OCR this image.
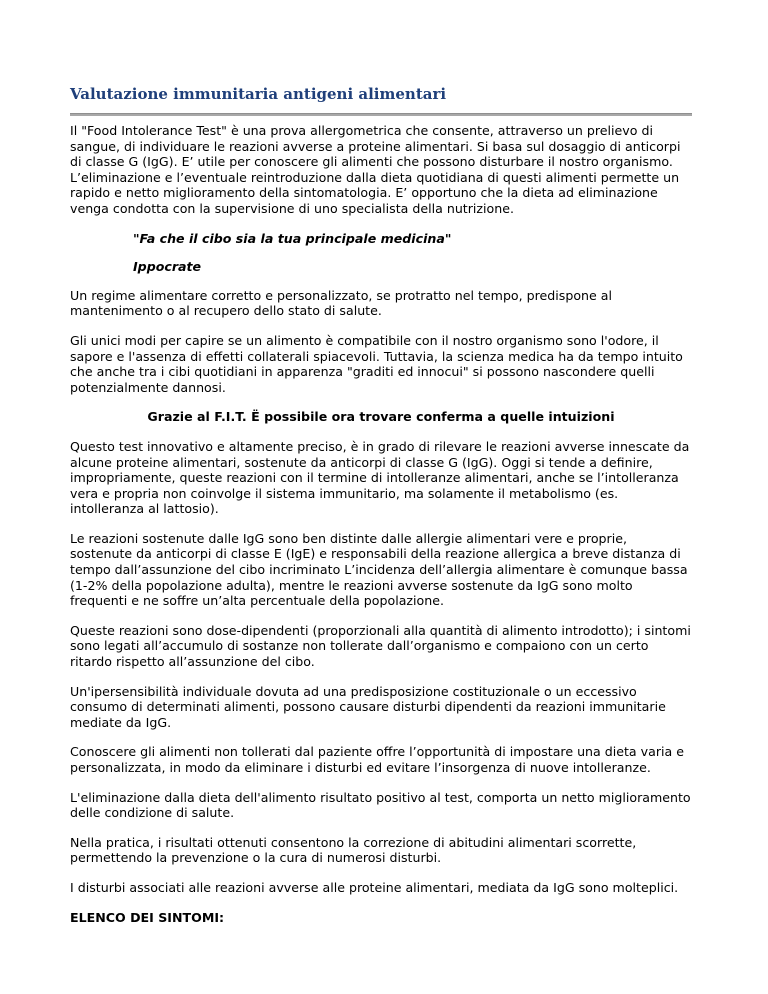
Valutazione immunitaria antigeni alimentari

Il "Food Intolerance Test" è una prova allergometrica che consente, attraverso un prelievo di sangue, di individuare le reazioni avverse a proteine alimentari. Si basa sul dosaggio di anticorpi di classe G (IgG). E’ utile per conoscere gli alimenti che possono disturbare il nostro organismo. L’eliminazione e l’eventuale reintroduzione dalla dieta quotidiana di questi alimenti permette un rapido e netto miglioramento della sintomatologia. E’ opportuno che la dieta ad eliminazione venga condotta con la supervisione di uno specialista della nutrizione.

"Fa che il cibo sia la tua principale medicina"

Ippocrate

Un regime alimentare corretto e personalizzato, se protratto nel tempo, predispone al mantenimento o al recupero dello stato di salute.

Gli unici modi per capire se un alimento è compatibile con il nostro organismo sono l'odore, il sapore e l'assenza di effetti collaterali spiacevoli. Tuttavia, la scienza medica ha da tempo intuito che anche tra i cibi quotidiani in apparenza "graditi ed innocui" si possono nascondere quelli potenzialmente dannosi.

Grazie al F.I.T. Ë possibile ora trovare conferma a quelle intuizioni

Questo test innovativo e altamente preciso, è in grado di rilevare le reazioni avverse innescate da alcune proteine alimentari, sostenute da anticorpi di classe G (IgG). Oggi si tende a definire, impropriamente, queste reazioni con il termine di intolleranze alimentari, anche se l’intolleranza vera e propria non coinvolge il sistema immunitario, ma solamente il metabolismo (es. intolleranza al lattosio).

Le reazioni sostenute dalle IgG sono ben distinte dalle allergie alimentari vere e proprie, sostenute da anticorpi di classe E (IgE) e responsabili della reazione allergica a breve distanza di tempo dall’assunzione del cibo incriminato L’incidenza dell’allergia alimentare è comunque bassa (1-2% della popolazione adulta), mentre le reazioni avverse sostenute da IgG sono molto frequenti e ne soffre un’alta percentuale della popolazione.

Queste reazioni sono dose-dipendenti (proporzionali alla quantità di alimento introdotto); i sintomi sono legati all’accumulo di sostanze non tollerate dall’organismo e compaiono con un certo ritardo rispetto all’assunzione del cibo.

Un'ipersensibilità individuale dovuta ad una predisposizione costituzionale o un eccessivo consumo di determinati alimenti, possono causare disturbi dipendenti da reazioni immunitarie mediate da IgG.

Conoscere gli alimenti non tollerati dal paziente offre l’opportunità di impostare una dieta varia e personalizzata, in modo da eliminare i disturbi ed evitare l’insorgenza di nuove intolleranze.

L'eliminazione dalla dieta dell'alimento risultato positivo al test, comporta un netto miglioramento delle condizione di salute.

Nella pratica, i risultati ottenuti consentono la correzione di abitudini alimentari scorrette, permettendo la prevenzione o la cura di numerosi disturbi.

I disturbi associati alle reazioni avverse alle proteine alimentari, mediata da IgG sono molteplici.

ELENCO DEI SINTOMI:
